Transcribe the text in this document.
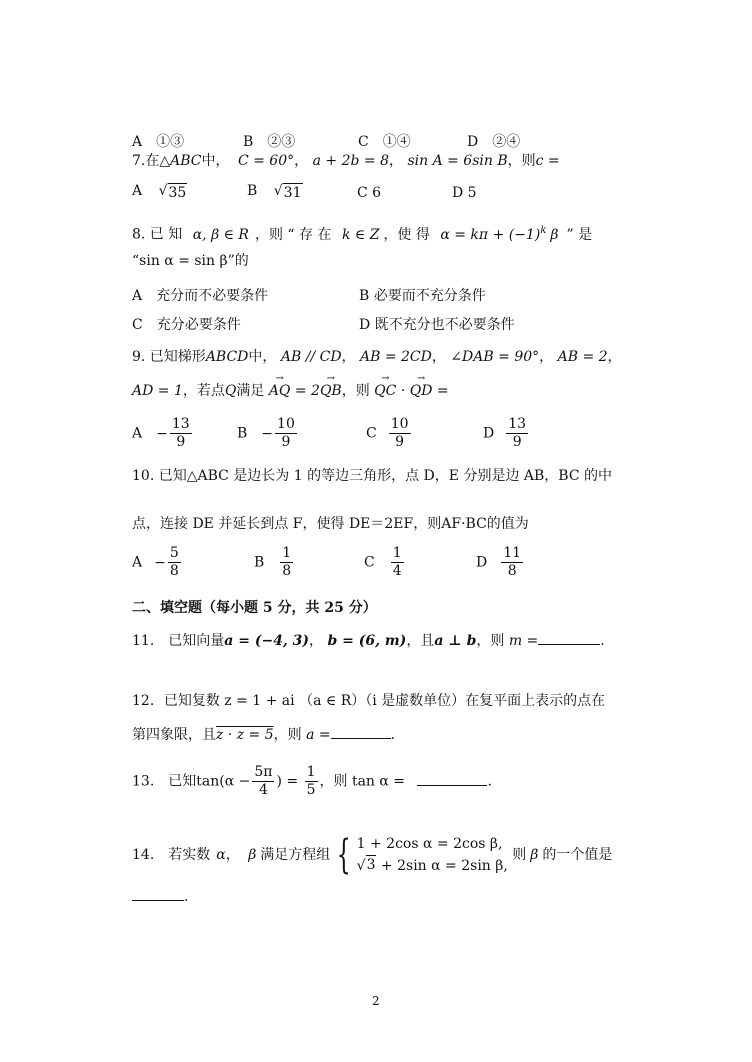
A　①③	B　②③	C　①④	D　②④
7.在△ABC中， C = 60°， a + 2b = 8， sin A = 6sin B，则c =
A √ 35	B √ 31	C 6	D 5
8. 已 知 α, β ∈ R ，则 “ 存 在 k ∈ Z ，使 得 $\alpha = k\pi + (-1)^k$ β ” 是
“sin α = sin β”的
A　充分而不必要条件	B 必要而不充分条件
C　充分必要条件	D 既不充分也不必要条件
9. 已知梯形ABCD中， AB // CD， AB = 2CD， ∠DAB = 90°， AB = 2，
AD = 1，若点Q满足 → AQ = 2→ QB，则 → QC · → QD =
$A - \frac{13}{9}$	$B - \frac{10}{9}$	C $\frac{10}{9}$	D $\frac{13}{9}$
10. 已知△ABC 是边长为 1 的等边三角形，点 D，E 分别是边 AB，BC 的中
点，连接 DE 并延长到点 F，使得 DE＝2EF，则AF·BC的值为
$A - \frac{5}{8}$	B $\frac{1}{8}$	C $\frac{1}{4}$	D $\frac{11}{8}$
二、填空题（每小题 5 分，共 25 分）
11.　已知向量a = (−4, 3)， b = (6, m)，且a ⊥ b，则 m =	.
12．已知复数 z = 1 + ai （a ∈ R）（i 是虚数单位）在复平面上表示的点在
第四象限，且z · z = 5，则 a =	.
13.　已知$\tan(\alpha - \frac{5\pi}{4}$ ) = $\frac{1}{5}$ ，则 tan α =	.
14.　若实数 α， β 满足方程组 { 1 + 2cos α = 2cos β,

√ 3 + 2sin α = 2sin β, 则 β 的一个值是
.
2
